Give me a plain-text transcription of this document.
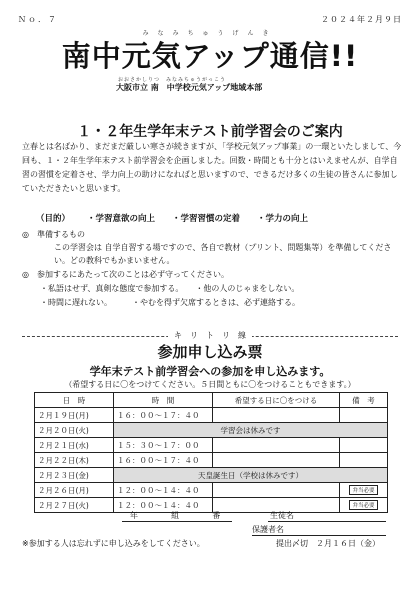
Ｎｏ．７	２０２４年２月９日
みなみちゅうげんき
南中元気アップ通信!!
おおさかしりつ　みなみちゅうがっこう
大阪市立 南　中学校元気アップ地域本部
１・２年生学年末テスト前学習会のご案内
立春とは名ばかり、まだまだ厳しい寒さが続きますが、「学校元気アップ事業」の一環といたしまして、今回も、１・２年生学年末テスト前学習会を企画しました。回数・時間とも十分とはいえませんが、自学自習の習慣を定着させ、学力向上の助けになればと思いますので、できるだけ多くの生徒の皆さんに参加していただきたいと思います。
（目的） ・学習意欲の向上 ・学習習慣の定着 ・学力の向上
◎　準備するもの
この学習会は 自学自習する場ですので、各自で教材（プリント、問題集等）を準備してください。どの教科でもかまいません。
◎　参加するにあたって次のことは必ず守ってください。
・私語はせず、真剣な態度で参加する。　　・他の人のじゃまをしない。
・時間に遅れない。　　　・やむを得ず欠席するときは、必ず連絡する。
キ　リ　ト　リ　線
参加申し込み票
学年末テスト前学習会への参加を申し込みます。
（希望する日に〇をつけてください。５日間ともに〇をつけることもできます。）
日　時	時　間	希望する日に〇をつける	備　考
２月１９日(月)	１６：００～１７：４０		
２月２０日(火)	学習会は休みです		
２月２１日(水)	１５：３０～１７：００		
２月２２日(木)	１６：００～１７：４０		
２月２３日(金)	天皇誕生日（学校は休みです）		
２月２６日(月)	１２：００～１４：４０		弁当必要
２月２７日(火)	１２：００～１４：４０		弁当必要
年	組	番	生徒名
保護者名
※参加する人は忘れずに申し込みをしてください。	提出〆切　２月１６日（金）
